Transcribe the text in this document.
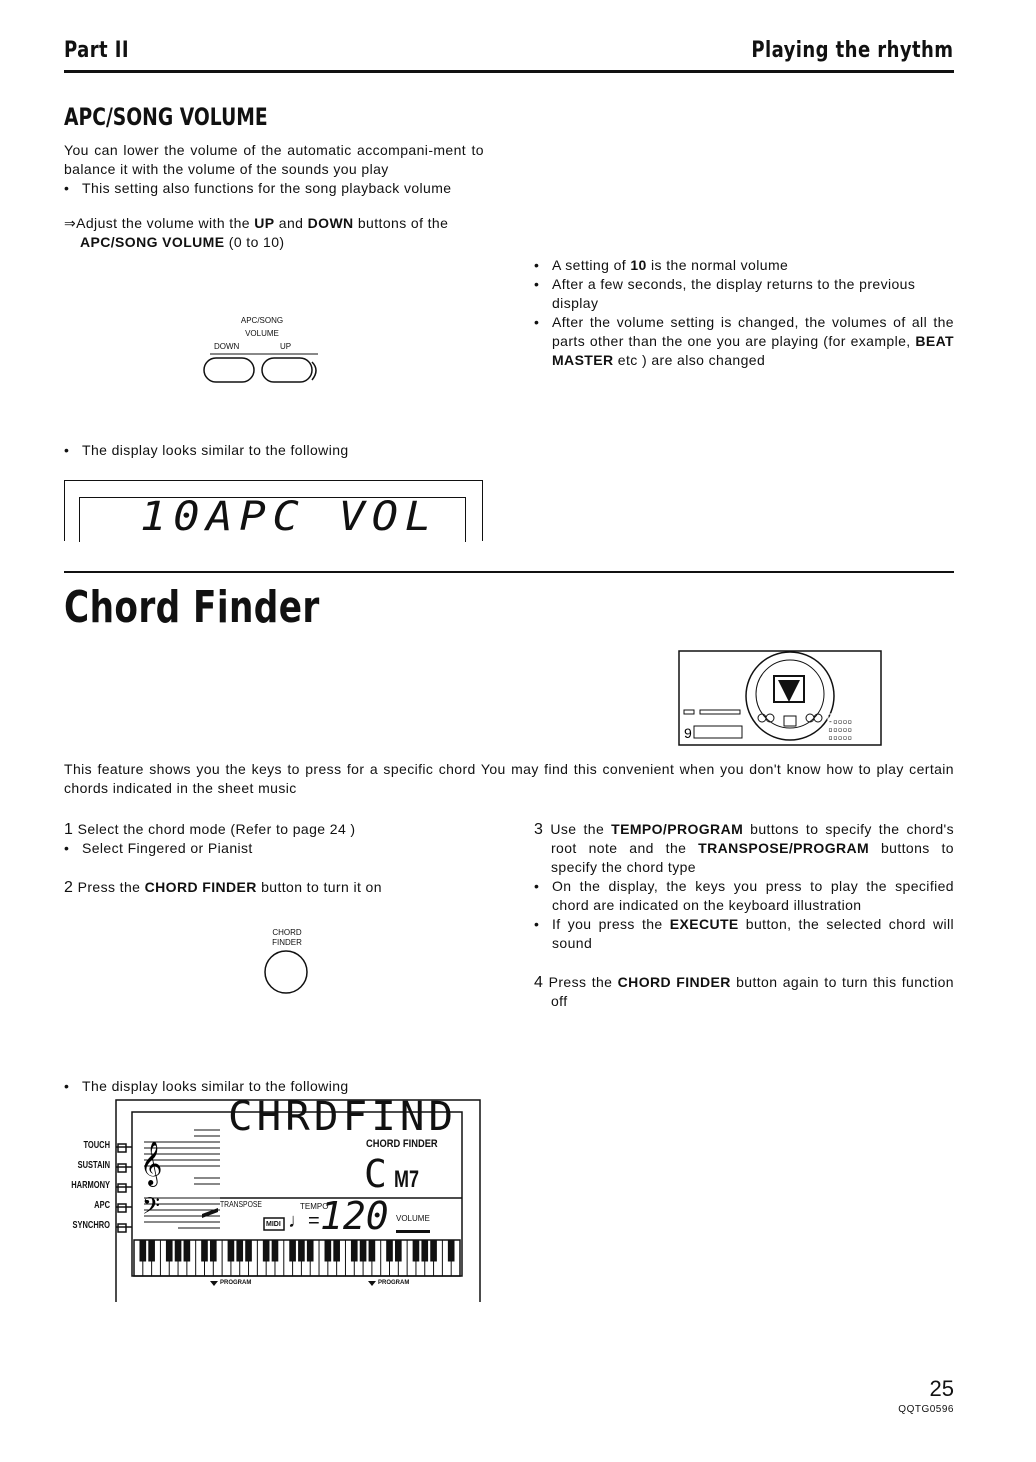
Part II	Playing the rhythm
APC/SONG VOLUME
You can lower the volume of the automatic accompani-ment to balance it with the volume of the sounds you play
• This setting also functions for the song playback volume
⇒Adjust the volume with the UP and DOWN buttons of the APC/SONG VOLUME (0 to 10)
APC/SONG
VOLUME
DOWN	UP
• The display looks similar to the following
10APC VOL
• A setting of 10 is the normal volume
• After a few seconds, the display returns to the previous display
• After the volume setting is changed, the volumes of all the parts other than the one you are playing (for example, BEAT MASTER etc ) are also changed
Chord Finder
9
-▫▫▫▫
▫▫▫▫▫
▫▫▫▫▫
This feature shows you the keys to press for a specific chord You may find this convenient when you don't know how to play certain chords indicated in the sheet music
1 Select the chord mode (Refer to page 24 )
• Select Fingered or Pianist
2 Press the CHORD FINDER button to turn it on
CHORD
FINDER
• The display looks similar to the following
3 Use the TEMPO/PROGRAM buttons to specify the chord's root note and the TRANSPOSE/PROGRAM buttons to specify the chord type
• On the display, the keys you press to play the specified chord are indicated on the keyboard illustration
• If you press the EXECUTE button, the selected chord will sound
4 Press the CHORD FINDER button again to turn this function off
TOUCH
SUSTAIN
HARMONY
APC
SYNCHRO
𝄞
𝄢
CHRDFIND
CHORD FINDER
C M7
TRANSPOSE	TEMPO
MIDI ♩= 120 VOLUME
PROGRAM	PROGRAM
25
QQTG0596
